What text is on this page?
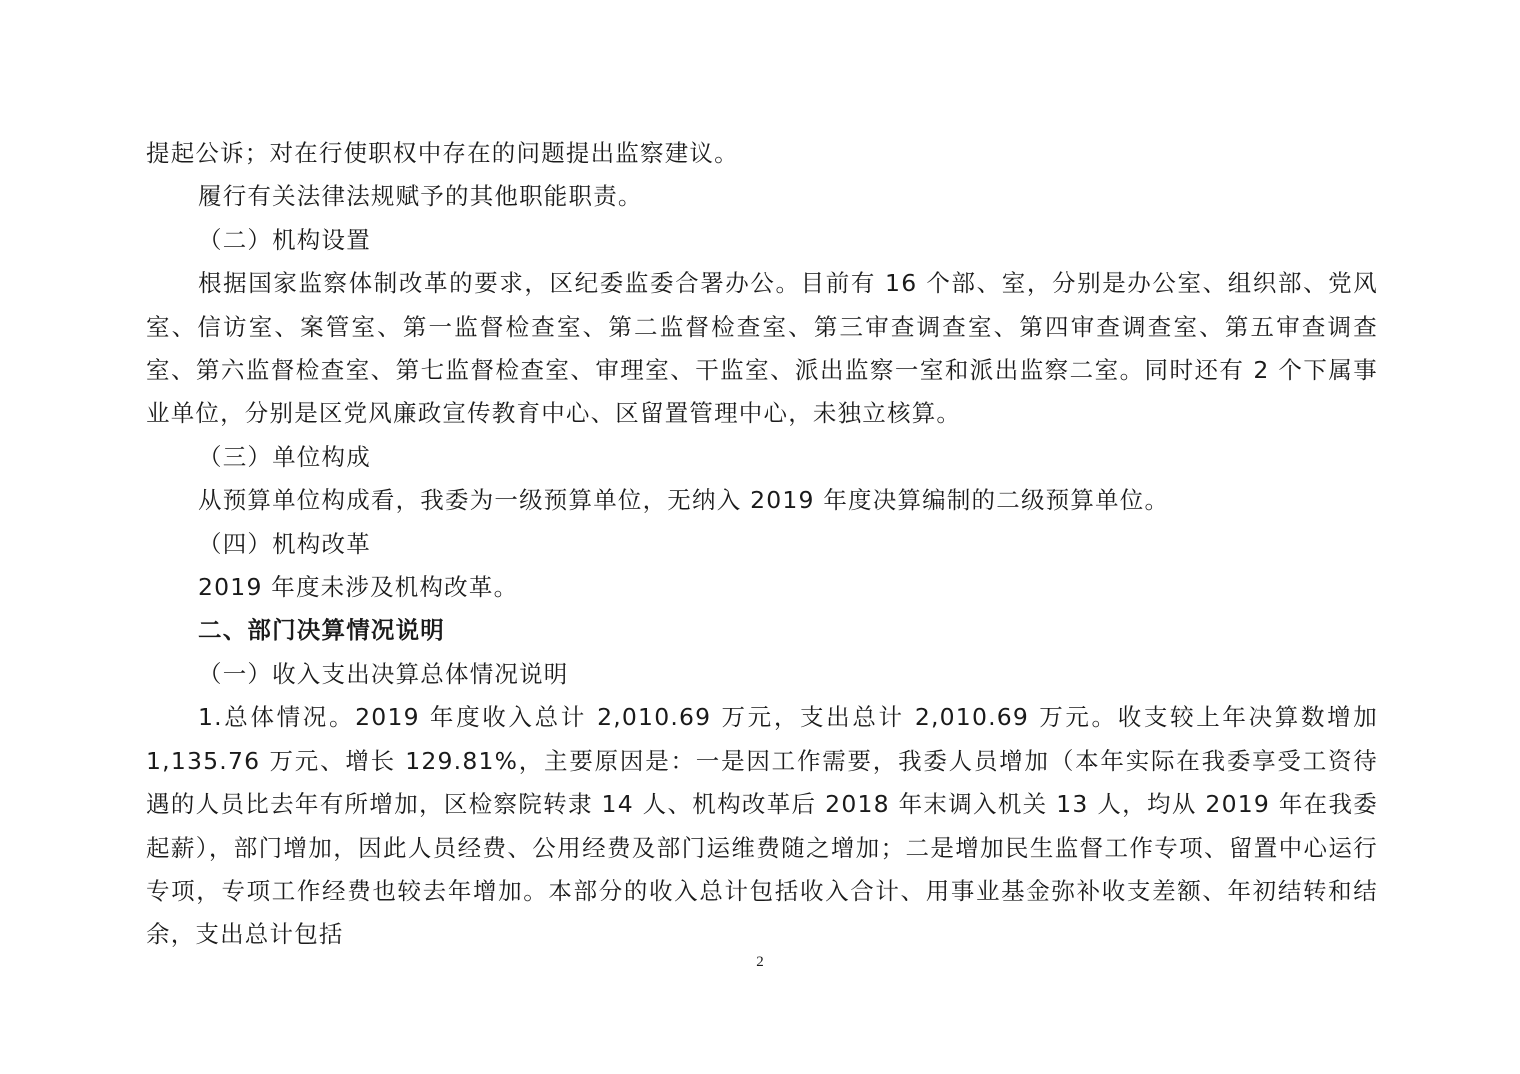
提起公诉；对在行使职权中存在的问题提出监察建议。

履行有关法律法规赋予的其他职能职责。

（二）机构设置

根据国家监察体制改革的要求，区纪委监委合署办公。目前有 16 个部、室，分别是办公室、组织部、党风室、信访室、案管室、第一监督检查室、第二监督检查室、第三审查调查室、第四审查调查室、第五审查调查室、第六监督检查室、第七监督检查室、审理室、干监室、派出监察一室和派出监察二室。同时还有 2 个下属事业单位，分别是区党风廉政宣传教育中心、区留置管理中心，未独立核算。

（三）单位构成

从预算单位构成看，我委为一级预算单位，无纳入 2019 年度决算编制的二级预算单位。

（四）机构改革

2019 年度未涉及机构改革。

二、部门决算情况说明

（一）收入支出决算总体情况说明

1.总体情况。2019 年度收入总计 2,010.69 万元，支出总计 2,010.69 万元。收支较上年决算数增加 1,135.76 万元、增长 129.81%，主要原因是：一是因工作需要，我委人员增加（本年实际在我委享受工资待遇的人员比去年有所增加，区检察院转隶 14 人、机构改革后 2018 年末调入机关 13 人，均从 2019 年在我委起薪），部门增加，因此人员经费、公用经费及部门运维费随之增加；二是增加民生监督工作专项、留置中心运行专项，专项工作经费也较去年增加。本部分的收入总计包括收入合计、用事业基金弥补收支差额、年初结转和结余，支出总计包括

2
